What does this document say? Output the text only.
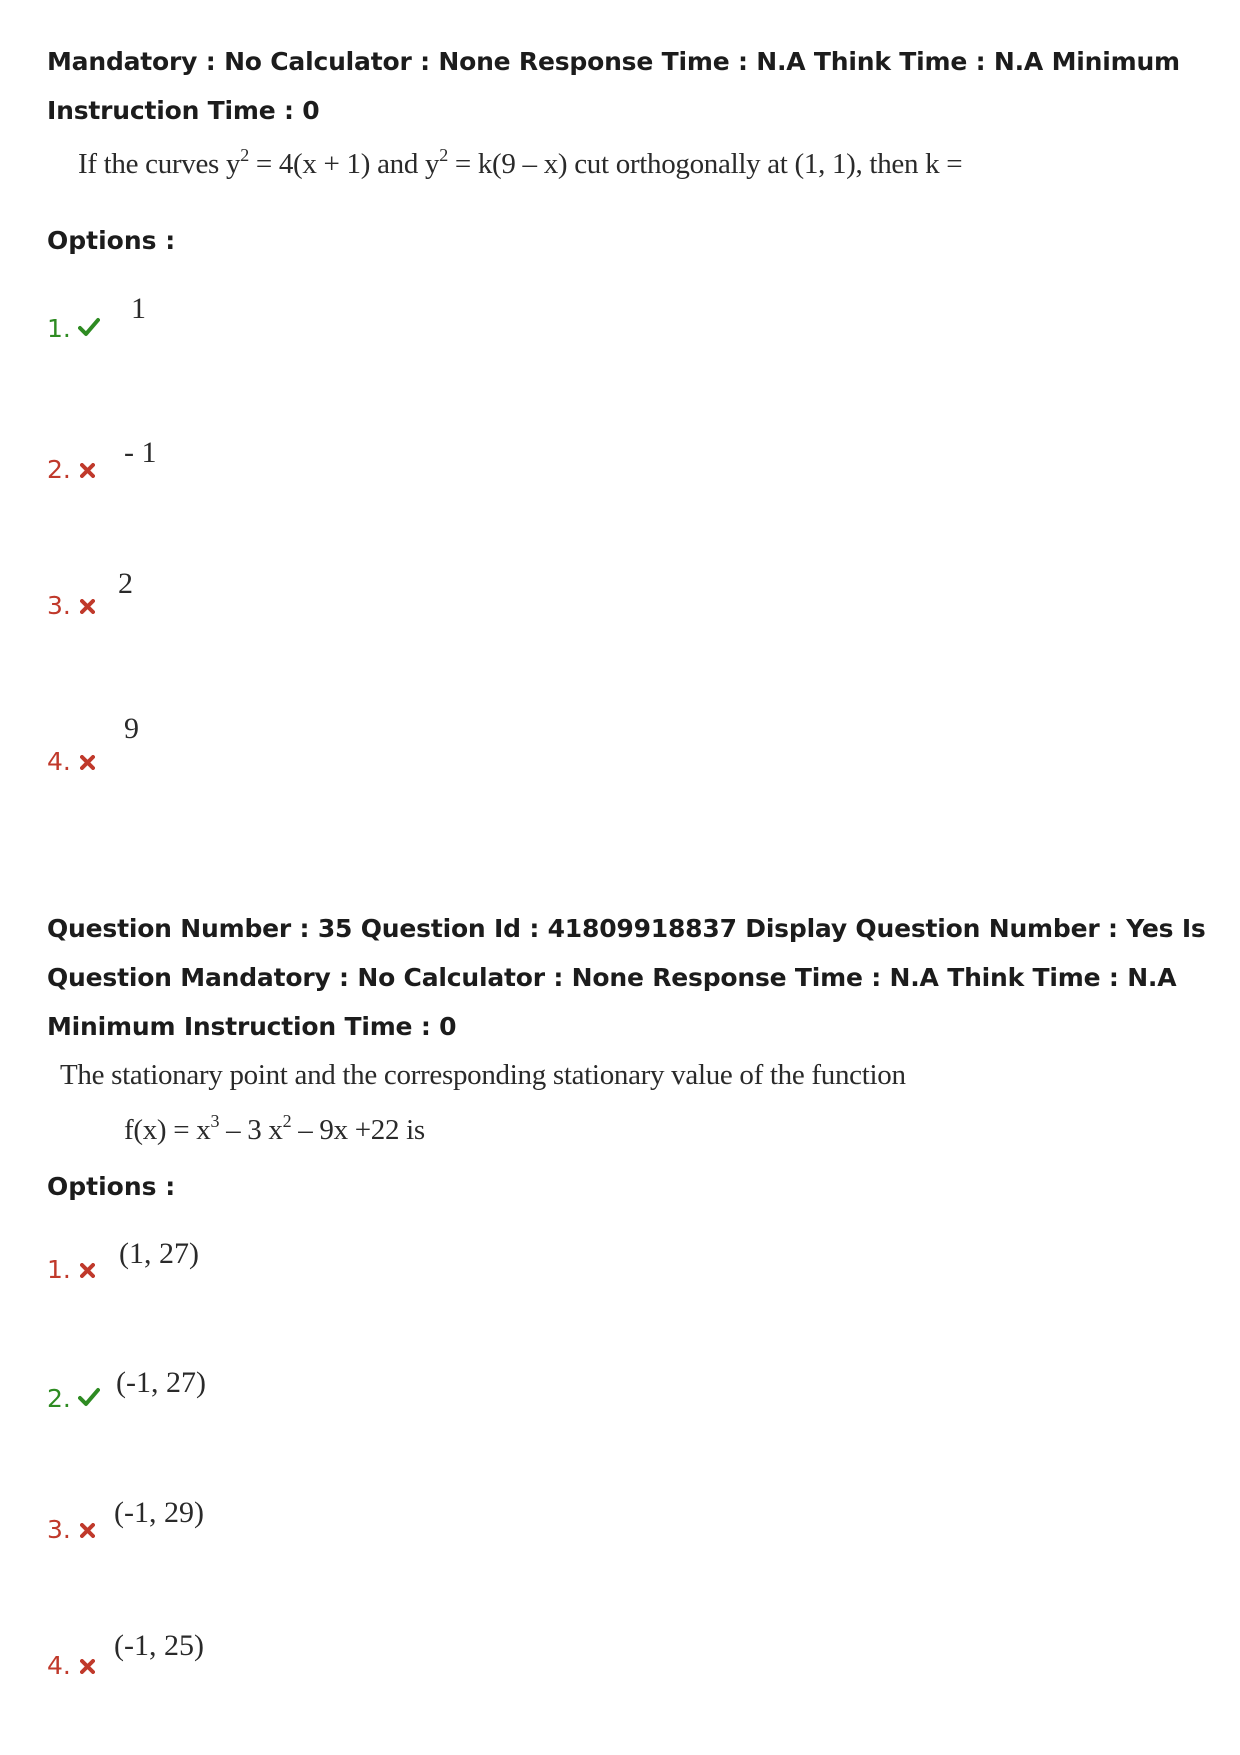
Mandatory : No Calculator : None Response Time : N.A Think Time : N.A Minimum Instruction Time : 0
If the curves $y^2 = 4(x + 1)$ and $y^2 = k(9 - x)$ cut orthogonally at (1, 1), then k =
Options :
1.
1
2.
- 1
3.
2
4.
9
Question Number : 35 Question Id : 41809918837 Display Question Number : Yes Is Question Mandatory : No Calculator : None Response Time : N.A Think Time : N.A Minimum Instruction Time : 0
The stationary point and the corresponding stationary value of the function
$f(x) = x^3 - 3$ $x^2 - 9x +22$ is
Options :
1. (1, 27)
2. (-1, 27)
3.
(-1, 29)
4.
(-1, 25)
